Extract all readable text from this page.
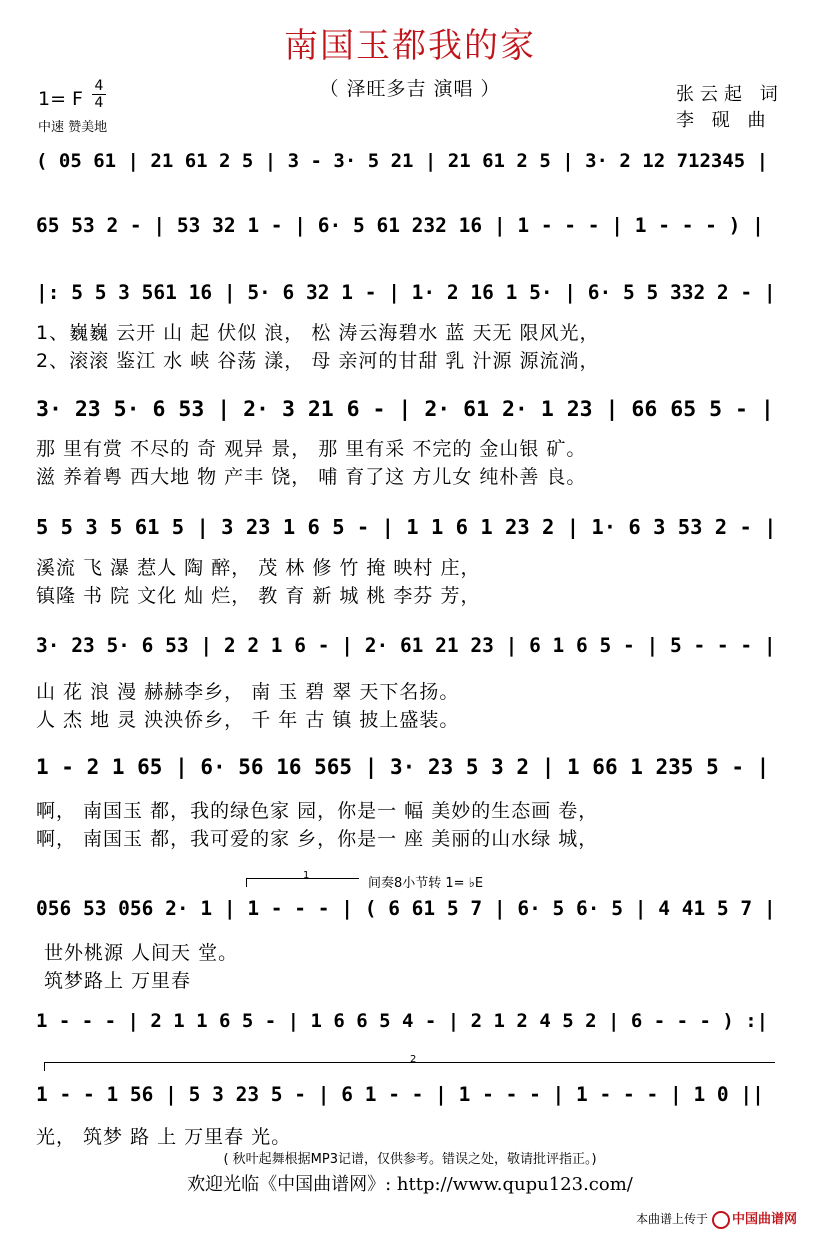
南国玉都我的家
（ 泽旺多吉 演唱 ）
1= F
4
4
中速 赞美地
张云起 词
李 砚 曲
( 05 61 | 21 61 2 5 | 3 - 3· 5 21 | 21 61 2 5 | 3· 2 12 712345 |
65 53 2 - | 53 32 1 - | 6· 5 61 232 16 | 1 - - - | 1 - - - ) |
|: 5 5 3 561 16 | 5· 6 32 1 - | 1· 2 16 1 5· | 6· 5 5 332 2 - |
1、巍巍 云开 山 起 伏似 浪， 松 涛云海碧水 蓝 天无 限风光，
2、滚滚 鉴江 水 峡 谷荡 漾， 母 亲河的甘甜 乳 汁源 源流淌，
3· 23 5· 6 53 | 2· 3 21 6 - | 2· 61 2· 1 23 | 66 65 5 - |
那 里有赏 不尽的 奇 观异 景， 那 里有采 不完的 金山银 矿。
滋 养着粤 西大地 物 产丰 饶， 哺 育了这 方儿女 纯朴善 良。
5 5 3 5 61 5 | 3 23 1 6 5 - | 1 1 6 1 23 2 | 1· 6 3 53 2 - |
溪流 飞 瀑 惹人 陶 醉， 茂 林 修 竹 掩 映村 庄，
镇隆 书 院 文化 灿 烂， 教 育 新 城 桃 李芬 芳，
3· 23 5· 6 53 | 2 2 1 6 - | 2· 61 21 23 | 6 1 6 5 - | 5 - - - |
山 花 浪 漫 赫赫李乡， 南 玉 碧 翠 天下名扬。
人 杰 地 灵 泱泱侨乡， 千 年 古 镇 披上盛装。
1 - 2 1 65 | 6· 56 16 565 | 3· 23 5 3 2 | 1 66 1 235 5 - |
啊， 南国玉 都，我的绿色家 园，你是一 幅 美妙的生态画 卷，
啊， 南国玉 都，我可爱的家 乡，你是一 座 美丽的山水绿 城，
1
间奏8小节转 1= ♭E
056 53 056 2· 1 | 1 - - - | ( 6 61 5 7 | 6· 5 6· 5 | 4 41 5 7 |
世外桃源 人间天 堂。
筑梦路上 万里春
1 - - - | 2 1 1 6 5 - | 1 6 6 5 4 - | 2 1 2 4 5 2 | 6 - - - ) :|
2
1 - - 1 56 | 5 3 23 5 - | 6 1 - - | 1 - - - | 1 - - - | 1 0 ||
光， 筑梦 路 上 万里春 光。
( 秋叶起舞根据MP3记谱，仅供参考。错误之处，敬请批评指正。)
欢迎光临《中国曲谱网》: http://www.qupu123.com/
本曲谱上传于	中国曲谱网
